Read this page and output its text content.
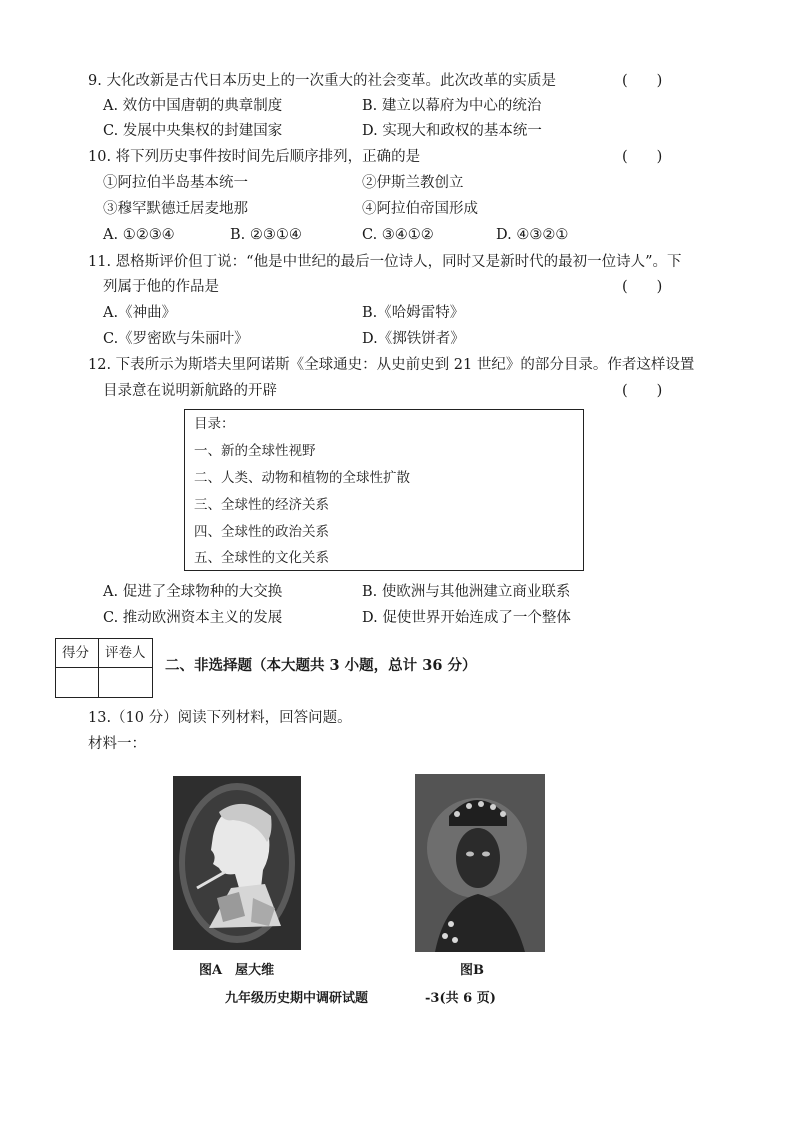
9. 大化改新是古代日本历史上的一次重大的社会变革。此次改革的实质是	(　　)
A. 效仿中国唐朝的典章制度	B. 建立以幕府为中心的统治
C. 发展中央集权的封建国家	D. 实现大和政权的基本统一
10. 将下列历史事件按时间先后顺序排列，正确的是	(　　)
①阿拉伯半岛基本统一	②伊斯兰教创立
③穆罕默德迁居麦地那	④阿拉伯帝国形成
A. ①②③④	B. ②③①④	C. ③④①②	D. ④③②①
11. 恩格斯评价但丁说：“他是中世纪的最后一位诗人，同时又是新时代的最初一位诗人”。下
列属于他的作品是	(　　)
A.《神曲》	B.《哈姆雷特》
C.《罗密欧与朱丽叶》	D.《掷铁饼者》
12. 下表所示为斯塔夫里阿诺斯《全球通史：从史前史到 21 世纪》的部分目录。作者这样设置
目录意在说明新航路的开辟	(　　)
目录：
一、新的全球性视野
二、人类、动物和植物的全球性扩散
三、全球性的经济关系
四、全球性的政治关系
五、全球性的文化关系
A. 促进了全球物种的大交换	B. 使欧洲与其他洲建立商业联系
C. 推动欧洲资本主义的发展	D. 促使世界开始连成了一个整体
得分 评卷人
二、非选择题（本大题共 3 小题，总计 36 分）
13.（10 分）阅读下列材料，回答问题。
材料一：
图A　屋大维	图B
九年级历史期中调研试题	-3(共 6 页)
